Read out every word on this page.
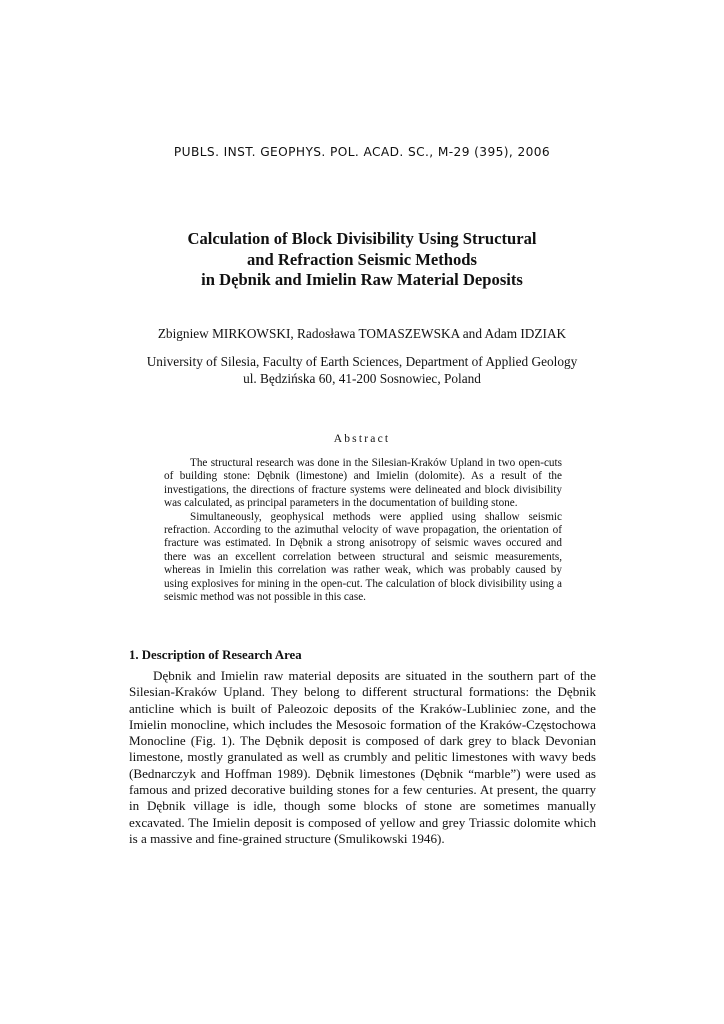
PUBLS. INST. GEOPHYS. POL. ACAD. SC., M-29 (395), 2006
Calculation of Block Divisibility Using Structural
and Refraction Seismic Methods
in Dębnik and Imielin Raw Material Deposits
Zbigniew MIRKOWSKI, Radosława TOMASZEWSKA and Adam IDZIAK
University of Silesia, Faculty of Earth Sciences, Department of Applied Geology
ul. Będzińska 60, 41-200 Sosnowiec, Poland
Abstract

The structural research was done in the Silesian-Kraków Upland in two open-cuts of building stone: Dębnik (limestone) and Imielin (dolomite). As a result of the investigations, the directions of fracture systems were delineated and block divisibility was calculated, as principal parameters in the documentation of building stone.

Simultaneously, geophysical methods were applied using shallow seismic refraction. According to the azimuthal velocity of wave propagation, the orientation of fracture was estimated. In Dębnik a strong anisotropy of seismic waves occured and there was an excellent correlation between structural and seismic measurements, whereas in Imielin this correlation was rather weak, which was probably caused by using explosives for mining in the open-cut. The calculation of block divisibility using a seismic method was not possible in this case.

1. Description of Research Area

Dębnik and Imielin raw material deposits are situated in the southern part of the Silesian-Kraków Upland. They belong to different structural formations: the Dębnik anticline which is built of Paleozoic deposits of the Kraków-Lubliniec zone, and the Imielin monocline, which includes the Mesosoic formation of the Kraków-Częstochowa Monocline (Fig. 1). The Dębnik deposit is composed of dark grey to black Devonian limestone, mostly granulated as well as crumbly and pelitic limestones with wavy beds (Bednarczyk and Hoffman 1989). Dębnik limestones (Dębnik “marble”) were used as famous and prized decorative building stones for a few centuries. At present, the quarry in Dębnik village is idle, though some blocks of stone are sometimes manually excavated. The Imielin deposit is composed of yellow and grey Triassic dolomite which is a massive and fine-grained structure (Smulikowski 1946).
